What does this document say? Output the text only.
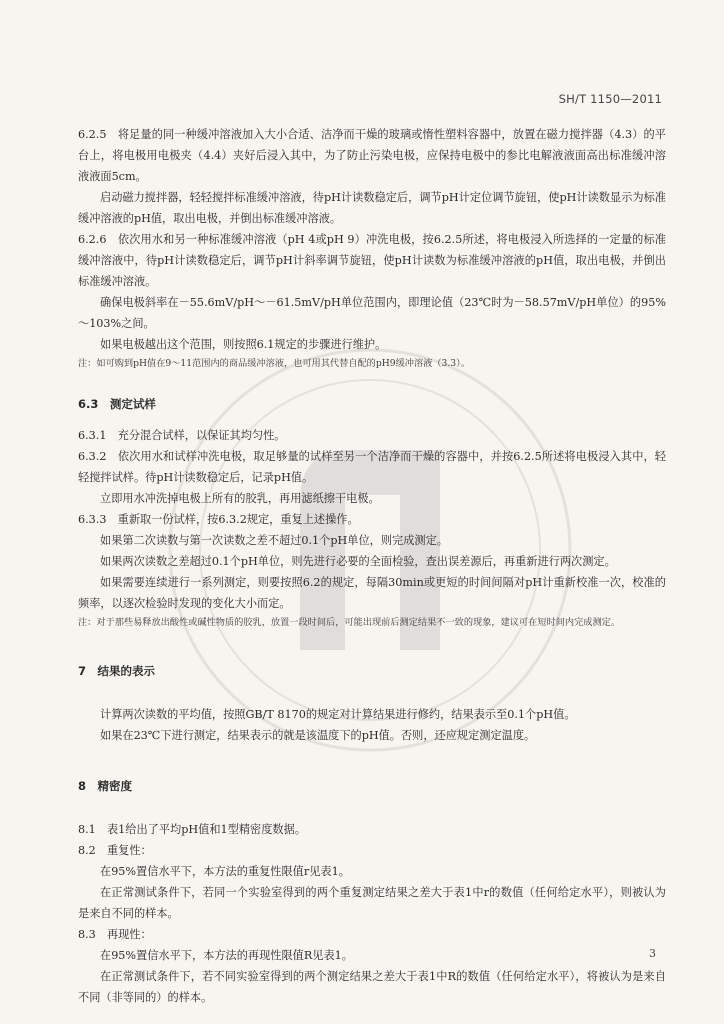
SH/T 1150—2011

6.2.5　将足量的同一种缓冲溶液加入大小合适、洁净而干燥的玻璃或惰性塑料容器中，放置在磁力搅拌器（4.3）的平台上，将电极用电极夹（4.4）夹好后浸入其中，为了防止污染电极，应保持电极中的参比电解液液面高出标准缓冲溶液液面5cm。

启动磁力搅拌器，轻轻搅拌标准缓冲溶液，待pH计读数稳定后，调节pH计定位调节旋钮，使pH计读数显示为标准缓冲溶液的pH值，取出电极，并倒出标准缓冲溶液。

6.2.6　依次用水和另一种标准缓冲溶液（pH 4或pH 9）冲洗电极，按6.2.5所述，将电极浸入所选择的一定量的标准缓冲溶液中，待pH计读数稳定后，调节pH计斜率调节旋钮，使pH计读数为标准缓冲溶液的pH值，取出电极，并倒出标准缓冲溶液。

确保电极斜率在－55.6mV/pH～－61.5mV/pH单位范围内，即理论值（23℃时为－58.57mV/pH单位）的95%～103%之间。

如果电极越出这个范围，则按照6.1规定的步骤进行维护。

注：如可购到pH值在9～11范围内的商品缓冲溶液，也可用其代替自配的pH9缓冲溶液（3.3）。

6.3　测定试样

6.3.1　充分混合试样，以保证其均匀性。

6.3.2　依次用水和试样冲洗电极，取足够量的试样至另一个洁净而干燥的容器中，并按6.2.5所述将电极浸入其中，轻轻搅拌试样。待pH计读数稳定后，记录pH值。

立即用水冲洗掉电极上所有的胶乳，再用滤纸擦干电极。

6.3.3　重新取一份试样，按6.3.2规定，重复上述操作。

如果第二次读数与第一次读数之差不超过0.1个pH单位，则完成测定。

如果两次读数之差超过0.1个pH单位，则先进行必要的全面检验，查出误差源后，再重新进行两次测定。

如果需要连续进行一系列测定，则要按照6.2的规定，每隔30min或更短的时间间隔对pH计重新校准一次，校准的频率，以逐次检验时发现的变化大小而定。

注：对于那些易释放出酸性或碱性物质的胶乳，放置一段时间后，可能出现前后测定结果不一致的现象，建议可在短时间内完成测定。

7　结果的表示

计算两次读数的平均值，按照GB/T 8170的规定对计算结果进行修约，结果表示至0.1个pH值。

如果在23℃下进行测定，结果表示的就是该温度下的pH值。否则，还应规定测定温度。

8　精密度

8.1　表1给出了平均pH值和1型精密度数据。

8.2　重复性：

在95%置信水平下，本方法的重复性限值r见表1。

在正常测试条件下，若同一个实验室得到的两个重复测定结果之差大于表1中r的数值（任何给定水平），则被认为是来自不同的样本。

8.3　再现性：

在95%置信水平下，本方法的再现性限值R见表1。

在正常测试条件下，若不同实验室得到的两个测定结果之差大于表1中R的数值（任何给定水平），将被认为是来自不同（非等同的）的样本。

3
